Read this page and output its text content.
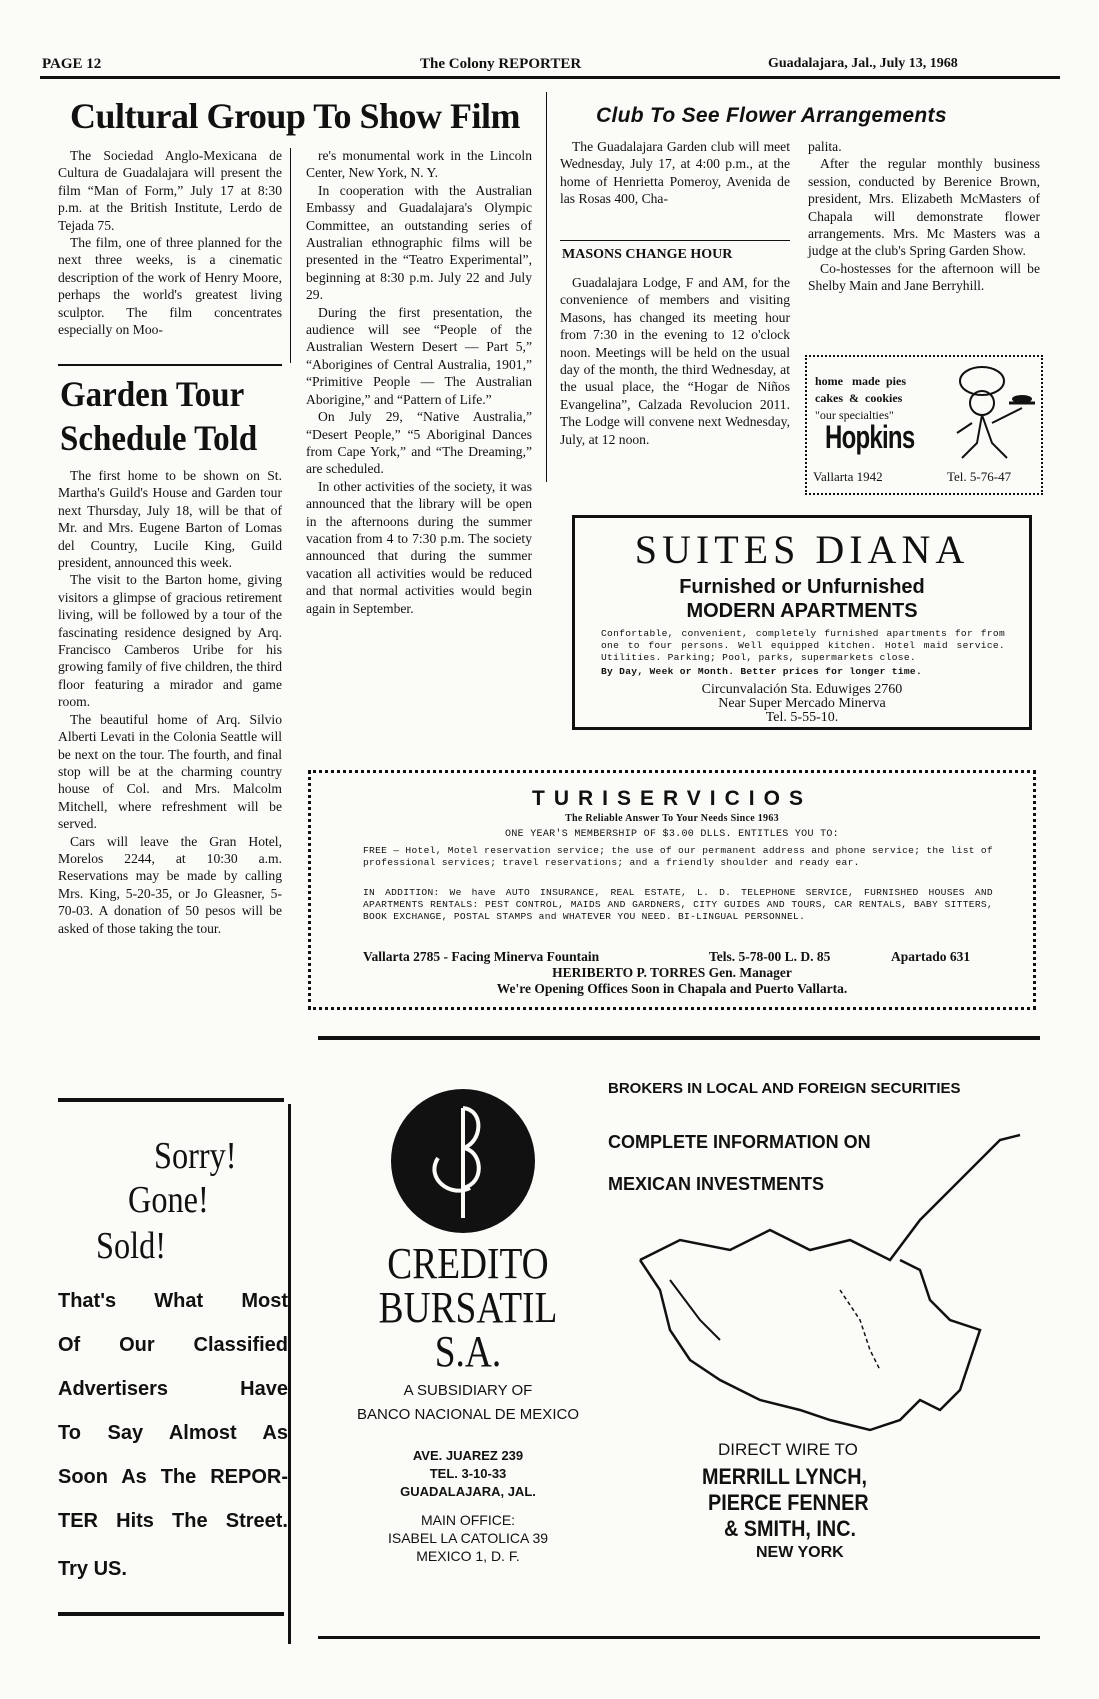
PAGE 12	The Colony REPORTER	Guadalajara, Jal., July 13, 1968
Cultural Group To Show Film

The Sociedad Anglo-Mexicana de Cultura de Guadalajara will present the film “Man of Form,” July 17 at 8:30 p.m. at the British Institute, Lerdo de Tejada 75.

The film, one of three planned for the next three weeks, is a cinematic description of the work of Henry Moore, perhaps the world's greatest living sculptor. The film concentrates especially on Moo-

re's monumental work in the Lincoln Center, New York, N. Y.

In cooperation with the Australian Embassy and Guadalajara's Olympic Committee, an outstanding series of Australian ethnographic films will be presented in the “Teatro Experimental”, beginning at 8:30 p.m. July 22 and July 29.

During the first presentation, the audience will see “People of the Australian Western Desert — Part 5,” “Aborigines of Central Australia, 1901,” “Primitive People — The Australian Aborigine,” and “Pattern of Life.”

On July 29, “Native Australia,” “Desert People,” “5 Aboriginal Dances from Cape York,” and “The Dreaming,” are scheduled.

In other activities of the society, it was announced that the library will be open in the afternoons during the summer vacation from 4 to 7:30 p.m. The society announced that during the summer vacation all activities would be reduced and that normal activities would begin again in September.

Garden Tour
Schedule Told

The first home to be shown on St. Martha's Guild's House and Garden tour next Thursday, July 18, will be that of Mr. and Mrs. Eugene Barton of Lomas del Country, Lucile King, Guild president, announced this week.

The visit to the Barton home, giving visitors a glimpse of gracious retirement living, will be followed by a tour of the fascinating residence designed by Arq. Francisco Camberos Uribe for his growing family of five children, the third floor featuring a mirador and game room.

The beautiful home of Arq. Silvio Alberti Levati in the Colonia Seattle will be next on the tour. The fourth, and final stop will be at the charming country house of Col. and Mrs. Malcolm Mitchell, where refreshment will be served.

Cars will leave the Gran Hotel, Morelos 2244, at 10:30 a.m. Reservations may be made by calling Mrs. King, 5-20-35, or Jo Gleasner, 5-70-03. A donation of 50 pesos will be asked of those taking the tour.

Club To See Flower Arrangements

The Guadalajara Garden club will meet Wednesday, July 17, at 4:00 p.m., at the home of Henrietta Pomeroy, Avenida de las Rosas 400, Cha-

palita.

After the regular monthly business session, conducted by Berenice Brown, president, Mrs. Elizabeth McMasters of Chapala will demonstrate flower arrangements. Mrs. Mc Masters was a judge at the club's Spring Garden Show.

Co-hostesses for the afternoon will be Shelby Main and Jane Berryhill.

MASONS CHANGE HOUR

Guadalajara Lodge, F and AM, for the convenience of members and visiting Masons, has changed its meeting hour from 7:30 in the evening to 12 o'clock noon. Meetings will be held on the usual day of the month, the third Wednesday, at the usual place, the “Hogar de Niños Evangelina”, Calzada Revolucion 2011. The Lodge will convene next Wednesday, July, at 12 noon.

home made pies
cakes & cookies
"our specialties"
Hopkins
Vallarta 1942	Tel. 5-76-47
SUITES DIANA
Furnished or Unfurnished
MODERN APARTMENTS
Confortable, convenient, completely furnished apartments for from one to four persons. Well equipped kitchen. Hotel maid service. Utilities. Parking; Pool, parks, supermarkets close.
By Day, Week or Month. Better prices for longer time.
Circunvalación Sta. Eduwiges 2760
Near Super Mercado Minerva
Tel. 5-55-10.
TURISERVICIOS
The Reliable Answer To Your Needs Since 1963
ONE YEAR'S MEMBERSHIP OF $3.00 DLLS. ENTITLES YOU TO:
FREE — Hotel, Motel reservation service; the use of our permanent address and phone service; the list of professional services; travel reservations; and a friendly shoulder and ready ear.
IN ADDITION: We have AUTO INSURANCE, REAL ESTATE, L. D. TELEPHONE SERVICE, FURNISHED HOUSES AND APARTMENTS RENTALS: PEST CONTROL, MAIDS AND GARDNERS, CITY GUIDES AND TOURS, CAR RENTALS, BABY SITTERS, BOOK EXCHANGE, POSTAL STAMPS and WHATEVER YOU NEED. BI-LINGUAL PERSONNEL.
Vallarta 2785 - Facing Minerva Fountain	Tels. 5-78-00 L. D. 85	Apartado 631
HERIBERTO P. TORRES Gen. Manager
We're Opening Offices Soon in Chapala and Puerto Vallarta.
Sorry!
Gone!
Sold!
That's What Most
Of Our Classified
Advertisers Have
To Say Almost As
Soon As The REPOR-
TER Hits The Street.
Try US.
CREDITO
BURSATIL
S.A.
A SUBSIDIARY OF
BANCO NACIONAL DE MEXICO
AVE. JUAREZ 239
TEL. 3-10-33
GUADALAJARA, JAL.
MAIN OFFICE:
ISABEL LA CATOLICA 39
MEXICO 1, D. F.
BROKERS IN LOCAL AND FOREIGN SECURITIES
COMPLETE INFORMATION ON
MEXICAN INVESTMENTS
DIRECT WIRE TO
MERRILL LYNCH,
PIERCE FENNER
& SMITH, INC.
NEW YORK
